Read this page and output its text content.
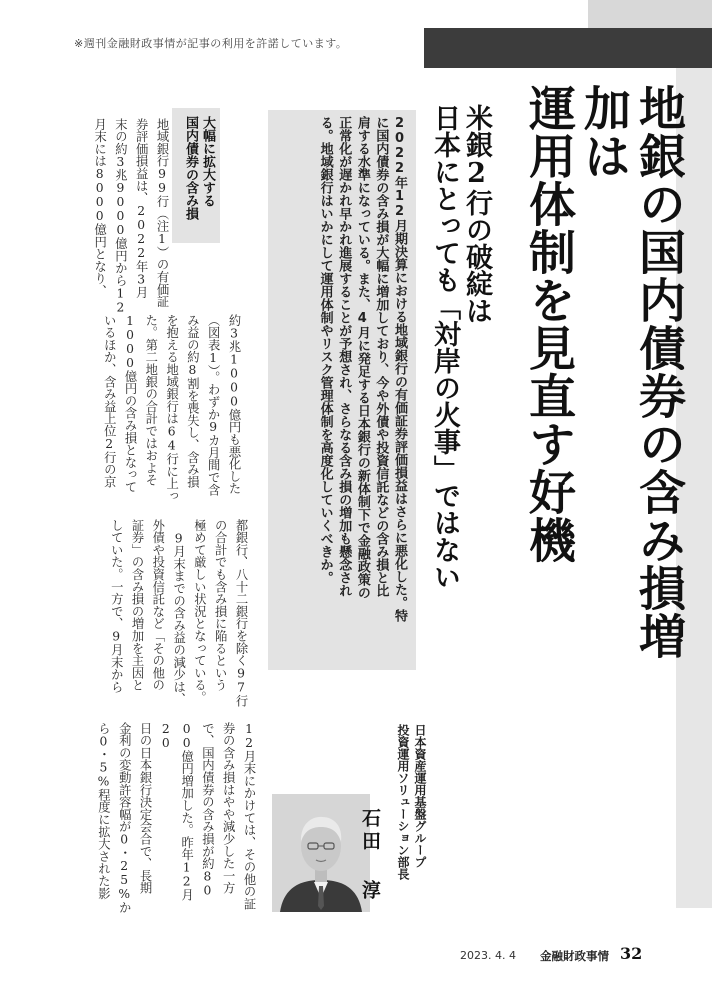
※週刊金融財政事情が記事の利用を許諾しています。
地銀の国内債券の含み損増加は
運用体制を見直す好機
米銀2行の破綻は
日本にとっても「対岸の火事」ではない
2022年12月期決算における地域銀行の有価証券評価損益はさらに悪化した。特
に国内債券の含み損が大幅に増加しており、今や外債や投資信託などの含み損と比
肩する水準になっている。また、4月に発足する日本銀行の新体制下で金融政策の
正常化が遅かれ早かれ進展することが予想され、さらなる含み損の増加も懸念され
る。地域銀行はいかにして運用体制やリスク管理体制を高度化していくべきか。
大幅に拡大する
国内債券の含み損
地域銀行99行（注1）の有価証
券評価損益は、2022年3月
末の約3兆9000億円から12
月末には8000億円となり、
約3兆1000億円も悪化した
（図表1）。わずか9カ月間で含
み益の約8割を喪失し、含み損
を抱える地域銀行は64行に上っ
た。第二地銀の合計ではおよそ
1000億円の含み損となって
いるほか、含み益上位2行の京
都銀行、八十二銀行を除く97行
の合計でも含み損に陥るという
極めて厳しい状況となっている。
　9月末までの含み益の減少は、
外債や投資信託など「その他の
証券」の含み損の増加を主因と
していた。一方で、9月末から
12月末にかけては、その他の証
券の含み損はやや減少した一方
で、国内債券の含み損が約80
00億円増加した。昨年12月20
日の日本銀行決定会合で、長期
金利の変動許容幅が0・25%か
ら0・5%程度に拡大された影	日本資産運用基盤グループ
投資運用ソリューション部長
石田 淳
2023. 4. 4 金融財政事情 32
